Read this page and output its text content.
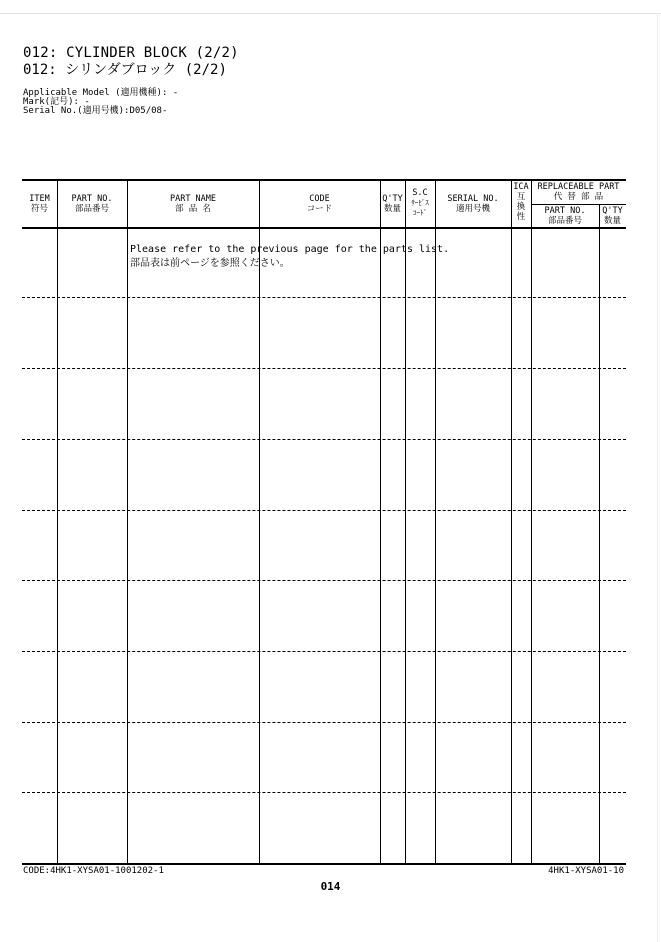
012: CYLINDER BLOCK (2/2)
012: シリンダブロック (2/2)
Applicable Model (適用機種): -
Mark(記号): -
Serial No.(適用号機):D05/08-
ITEM
符号
PART NO.
部品番号
PART NAME
部 品 名
CODE
コード
Q'TY
数量
S.C
ｻｰﾋﾞｽ
ｺｰﾄﾞ
SERIAL NO.
適用号機
ICA
互
換
性
REPLACEABLE PART
代 替 部 品
PART NO.
部品番号
Q'TY
数量
Please refer to the previous page for the parts list.
部品表は前ページを参照ください。
CODE:4HK1-XYSA01-1001202-1	4HK1-XYSA01-10
014
